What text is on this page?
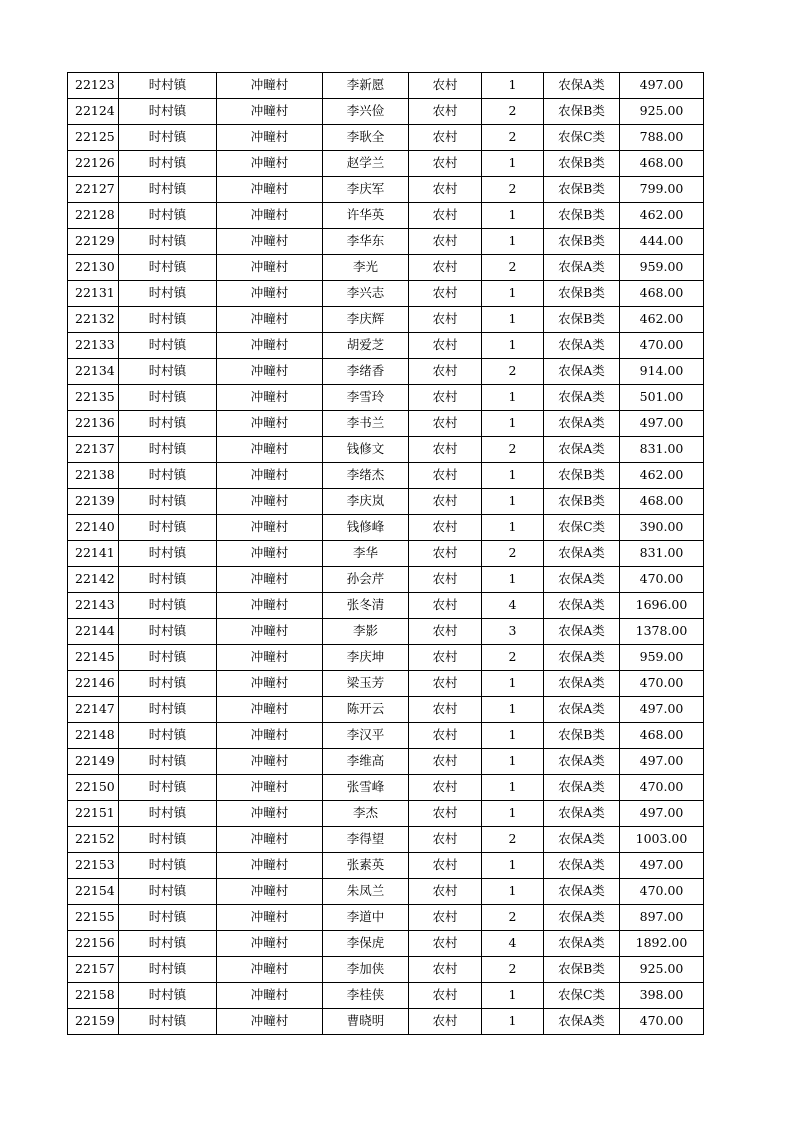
22123	时村镇	冲疃村	李新愿	农村	1	农保A类	497.00
22124	时村镇	冲疃村	李兴俭	农村	2	农保B类	925.00
22125	时村镇	冲疃村	李耿全	农村	2	农保C类	788.00
22126	时村镇	冲疃村	赵学兰	农村	1	农保B类	468.00
22127	时村镇	冲疃村	李庆军	农村	2	农保B类	799.00
22128	时村镇	冲疃村	许华英	农村	1	农保B类	462.00
22129	时村镇	冲疃村	李华东	农村	1	农保B类	444.00
22130	时村镇	冲疃村	李光	农村	2	农保A类	959.00
22131	时村镇	冲疃村	李兴志	农村	1	农保B类	468.00
22132	时村镇	冲疃村	李庆辉	农村	1	农保B类	462.00
22133	时村镇	冲疃村	胡爱芝	农村	1	农保A类	470.00
22134	时村镇	冲疃村	李绪香	农村	2	农保A类	914.00
22135	时村镇	冲疃村	李雪玲	农村	1	农保A类	501.00
22136	时村镇	冲疃村	李书兰	农村	1	农保A类	497.00
22137	时村镇	冲疃村	钱修文	农村	2	农保A类	831.00
22138	时村镇	冲疃村	李绪杰	农村	1	农保B类	462.00
22139	时村镇	冲疃村	李庆岚	农村	1	农保B类	468.00
22140	时村镇	冲疃村	钱修峰	农村	1	农保C类	390.00
22141	时村镇	冲疃村	李华	农村	2	农保A类	831.00
22142	时村镇	冲疃村	孙会芹	农村	1	农保A类	470.00
22143	时村镇	冲疃村	张冬清	农村	4	农保A类	1696.00
22144	时村镇	冲疃村	李影	农村	3	农保A类	1378.00
22145	时村镇	冲疃村	李庆坤	农村	2	农保A类	959.00
22146	时村镇	冲疃村	梁玉芳	农村	1	农保A类	470.00
22147	时村镇	冲疃村	陈开云	农村	1	农保A类	497.00
22148	时村镇	冲疃村	李汉平	农村	1	农保B类	468.00
22149	时村镇	冲疃村	李维高	农村	1	农保A类	497.00
22150	时村镇	冲疃村	张雪峰	农村	1	农保A类	470.00
22151	时村镇	冲疃村	李杰	农村	1	农保A类	497.00
22152	时村镇	冲疃村	李得望	农村	2	农保A类	1003.00
22153	时村镇	冲疃村	张素英	农村	1	农保A类	497.00
22154	时村镇	冲疃村	朱凤兰	农村	1	农保A类	470.00
22155	时村镇	冲疃村	李道中	农村	2	农保A类	897.00
22156	时村镇	冲疃村	李保虎	农村	4	农保A类	1892.00
22157	时村镇	冲疃村	李加侠	农村	2	农保B类	925.00
22158	时村镇	冲疃村	李桂侠	农村	1	农保C类	398.00
22159	时村镇	冲疃村	曹晓明	农村	1	农保A类	470.00
